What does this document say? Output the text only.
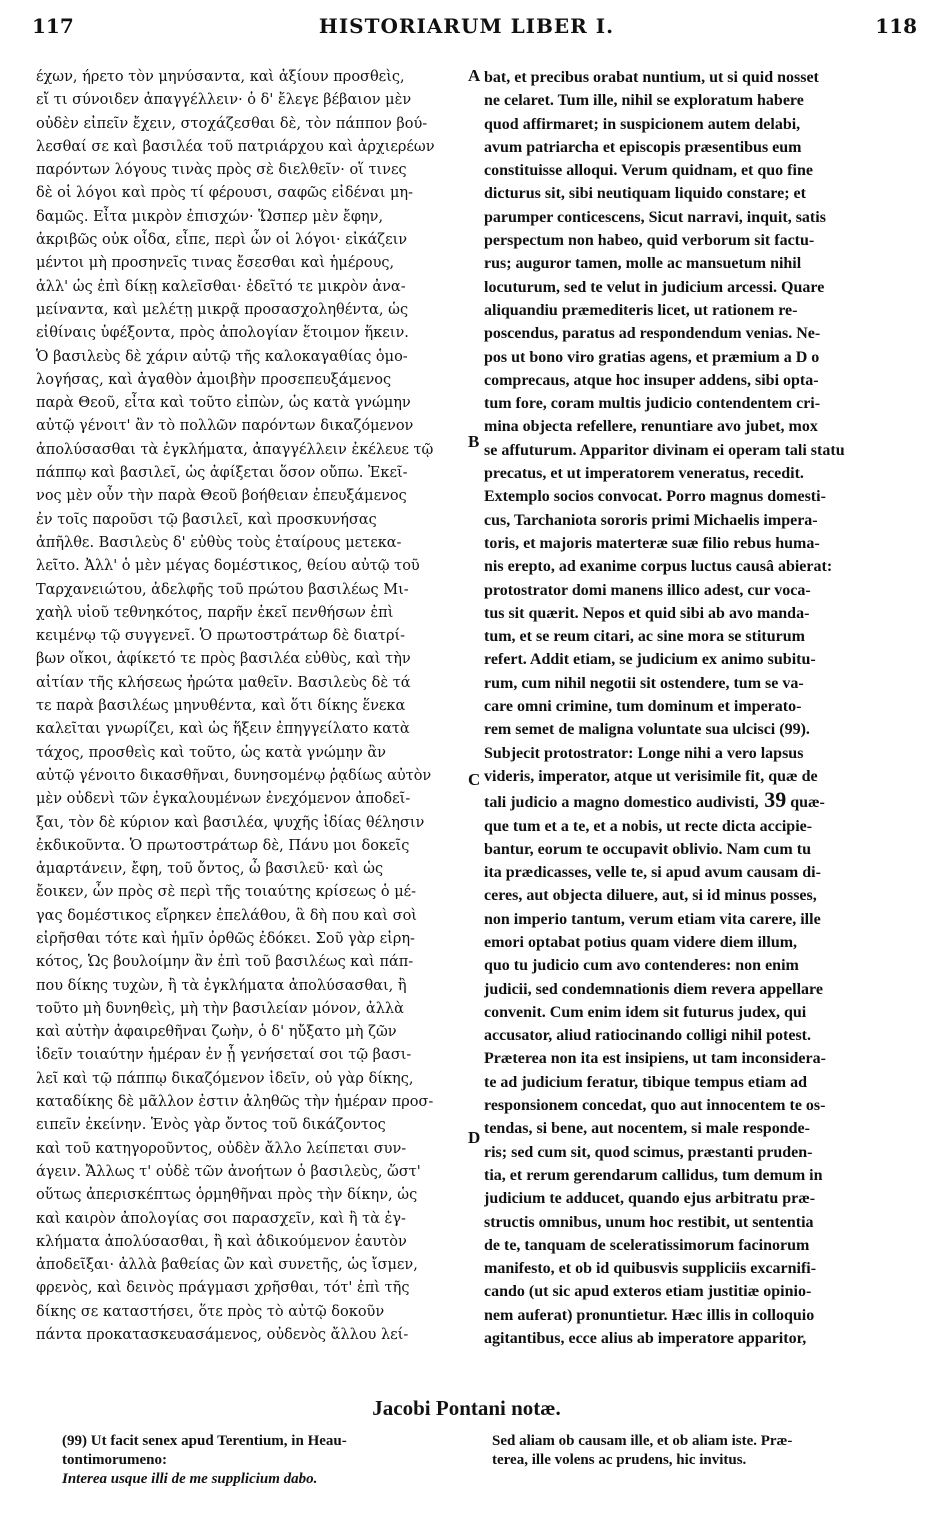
117	HISTORIARUM LIBER I.	118
έχων, ήρετο τὸν μηνύσαντα, καὶ ἀξίουν προσθεὶς,
εἴ τι σύνοιδεν ἀπαγγέλλειν· ὁ δ' ἔλεγε βέβαιον μὲν
οὐδὲν εἰπεῖν ἔχειν, στοχάζεσθαι δὲ, τὸν πάππον βού-
λεσθαί σε καὶ βασιλέα τοῦ πατριάρχου καὶ ἀρχιερέων
παρόντων λόγους τινὰς πρὸς σὲ διελθεῖν· οἵ τινες
δὲ οἱ λόγοι καὶ πρὸς τί φέρουσι, σαφῶς εἰδέναι μη-
δαμῶς. Εἶτα μικρὸν ἐπισχών· Ὥσπερ μὲν ἔφην,
ἀκριβῶς οὐκ οἶδα, εἶπε, περὶ ὧν οἱ λόγοι· εἰκάζειν
μέντοι μὴ προσηνεῖς τινας ἔσεσθαι καὶ ἡμέρους,
ἀλλ' ὡς ἐπὶ δίκῃ καλεῖσθαι· ἐδεῖτό τε μικρὸν ἀνα-
μείναντα, καὶ μελέτῃ μικρᾷ προσασχοληθέντα, ὡς
εἰθίναις ὑφέξοντα, πρὸς ἀπολογίαν ἕτοιμον ἥκειν.
Ὁ βασιλεὺς δὲ χάριν αὐτῷ τῆς καλοκαγαθίας ὁμο-
λογήσας, καὶ ἀγαθὸν ἀμοιβὴν προσεπευξάμενος
παρὰ Θεοῦ, εἶτα καὶ τοῦτο εἰπὼν, ὡς κατὰ γνώμην
αὐτῷ γένοιτ' ἂν τὸ πολλῶν παρόντων δικαζόμενον
ἀπολύσασθαι τὰ ἐγκλήματα, ἀπαγγέλλειν ἐκέλευε τῷ
πάππῳ καὶ βασιλεῖ, ὡς ἀφίξεται ὅσον οὔπω. Ἐκεῖ-
νος μὲν οὖν τὴν παρὰ Θεοῦ βοήθειαν ἐπευξάμενος
ἐν τοῖς παροῦσι τῷ βασιλεῖ, καὶ προσκυνήσας
ἀπῆλθε. Βασιλεὺς δ' εὐθὺς τοὺς ἑταίρους μετεκα-
λεῖτο. Ἀλλ' ὁ μὲν μέγας δομέστικος, θείου αὐτῷ τοῦ
Ταρχανειώτου, ἀδελφῆς τοῦ πρώτου βασιλέως Μι-
χαὴλ υἱοῦ τεθνηκότος, παρῆν ἐκεῖ πενθήσων ἐπὶ
κειμένῳ τῷ συγγενεῖ. Ὁ πρωτοστράτωρ δὲ διατρί-
βων οἴκοι, ἀφίκετό τε πρὸς βασιλέα εὐθὺς, καὶ τὴν
αἰτίαν τῆς κλήσεως ἠρώτα μαθεῖν. Βασιλεὺς δὲ τά
τε παρὰ βασιλέως μηνυθέντα, καὶ ὅτι δίκης ἕνεκα
καλεῖται γνωρίζει, καὶ ὡς ἥξειν ἐπηγγείλατο κατὰ
τάχος, προσθεὶς καὶ τοῦτο, ὡς κατὰ γνώμην ἂν
αὐτῷ γένοιτο δικασθῆναι, δυνησομένῳ ῥᾳδίως αὐτὸν
μὲν οὐδενὶ τῶν ἐγκαλουμένων ἐνεχόμενον ἀποδεῖ-
ξαι, τὸν δὲ κύριον καὶ βασιλέα, ψυχῆς ἰδίας θέλησιν
ἐκδικοῦντα. Ὁ πρωτοστράτωρ δὲ, Πάνυ μοι δοκεῖς
ἁμαρτάνειν, ἔφη, τοῦ ὄντος, ὦ βασιλεῦ· καὶ ὡς
ἔοικεν, ὧν πρὸς σὲ περὶ τῆς τοιαύτης κρίσεως ὁ μέ-
γας δομέστικος εἴρηκεν ἐπελάθου, ἃ δὴ που καὶ σοὶ
εἰρῆσθαι τότε καὶ ἡμῖν ὀρθῶς ἐδόκει. Σοῦ γὰρ εἰρη-
κότος, Ὡς βουλοίμην ἂν ἐπὶ τοῦ βασιλέως καὶ πάπ-
που δίκης τυχὼν, ἢ τὰ ἐγκλήματα ἀπολύσασθαι, ἢ
τοῦτο μὴ δυνηθεὶς, μὴ τὴν βασιλείαν μόνον, ἀλλὰ
καὶ αὐτὴν ἀφαιρεθῆναι ζωὴν, ὁ δ' ηὔξατο μὴ ζῶν
ἰδεῖν τοιαύτην ἡμέραν ἐν ᾗ γενήσεταί σοι τῷ βασι-
λεῖ καὶ τῷ πάππῳ δικαζόμενον ἰδεῖν, οὐ γὰρ δίκης,
καταδίκης δὲ μᾶλλον ἐστιν ἀληθῶς τὴν ἡμέραν προσ-
ειπεῖν ἐκείνην. Ἑνὸς γὰρ ὄντος τοῦ δικάζοντος
καὶ τοῦ κατηγοροῦντος, οὐδὲν ἄλλο λείπεται συν-
άγειν. Ἄλλως τ' οὐδὲ τῶν ἀνοήτων ὁ βασιλεὺς, ὥστ'
οὕτως ἀπερισκέπτως ὁρμηθῆναι πρὸς τὴν δίκην, ὡς
καὶ καιρὸν ἀπολογίας σοι παρασχεῖν, καὶ ἢ τὰ ἐγ-
κλήματα ἀπολύσασθαι, ἢ καὶ ἀδικούμενον ἑαυτὸν
ἀποδεῖξαι· ἀλλὰ βαθείας ὢν καὶ συνετῆς, ὡς ἴσμεν,
φρενὸς, καὶ δεινὸς πράγμασι χρῆσθαι, τότ' ἐπὶ τῆς
δίκης σε καταστήσει, ὅτε πρὸς τὸ αὐτῷ δοκοῦν
πάντα προκατασκευασάμενος, οὐδενὸς ἄλλου λεί-
bat, et precibus orabat nuntium, ut si quid nosset
ne celaret. Tum ille, nihil se exploratum habere
quod affirmaret; in suspicionem autem delabi,
avum patriarcha et episcopis præsentibus eum
constituisse alloqui. Verum quidnam, et quo fine
dicturus sit, sibi neutiquam liquido constare; et
parumper conticescens, Sicut narravi, inquit, satis
perspectum non habeo, quid verborum sit factu-
rus; auguror tamen, molle ac mansuetum nihil
locuturum, sed te velut in judicium arcessi. Quare
aliquandiu præmediteris licet, ut rationem re-
poscendus, paratus ad respondendum venias. Ne-
pos ut bono viro gratias agens, et præmium a D o
comprecaus, atque hoc insuper addens, sibi opta-
tum fore, coram multis judicio contendentem cri-
mina objecta refellere, renuntiare avo jubet, mox
se affuturum. Apparitor divinam ei operam tali statu
precatus, et ut imperatorem veneratus, recedit.
Extemplo socios convocat. Porro magnus domesti-
cus, Tarchaniota sororis primi Michaelis impera-
toris, et majoris materteræ suæ filio rebus huma-
nis erepto, ad exanime corpus luctus causâ abierat:
protostrator domi manens illico adest, cur voca-
tus sit quærit. Nepos et quid sibi ab avo manda-
tum, et se reum citari, ac sine mora se stiturum
refert. Addit etiam, se judicium ex animo subitu-
rum, cum nihil negotii sit ostendere, tum se va-
care omni crimine, tum dominum et imperato-
rem semet de maligna voluntate sua ulcisci (99).
Subjecit protostrator: Longe nihi a vero lapsus
videris, imperator, atque ut verisimile fit, quæ de
tali judicio a magno domestico audivisti, 39 quæ-
que tum et a te, et a nobis, ut recte dicta accipie-
bantur, eorum te occupavit oblivio. Nam cum tu
ita prædicasses, velle te, si apud avum causam di-
ceres, aut objecta diluere, aut, si id minus posses,
non imperio tantum, verum etiam vita carere, ille
emori optabat potius quam videre diem illum,
quo tu judicio cum avo contenderes: non enim
judicii, sed condemnationis diem revera appellare
convenit. Cum enim idem sit futurus judex, qui
accusator, aliud ratiocinando colligi nihil potest.
Præterea non ita est insipiens, ut tam inconsidera-
te ad judicium feratur, tibique tempus etiam ad
responsionem concedat, quo aut innocentem te os-
tendas, si bene, aut nocentem, si male responde-
ris; sed cum sit, quod scimus, præstanti pruden-
tia, et rerum gerendarum callidus, tum demum in
judicium te adducet, quando ejus arbitratu præ-
structis omnibus, unum hoc restibit, ut sententia
de te, tanquam de sceleratissimorum facinorum
manifesto, et ob id quibusvis suppliciis excarnifi-
cando (ut sic apud exteros etiam justitiæ opinio-
nem auferat) pronuntietur. Hæc illis in colloquio
agitantibus, ecce alius ab imperatore apparitor,
A
B
C
D
Jacobi Pontani notæ.
(99) Ut facit senex apud Terentium, in Heau-
tontimorumeno:
Interea usque illi de me supplicium dabo.
Sed aliam ob causam ille, et ob aliam iste. Præ-
terea, ille volens ac prudens, hic invitus.
